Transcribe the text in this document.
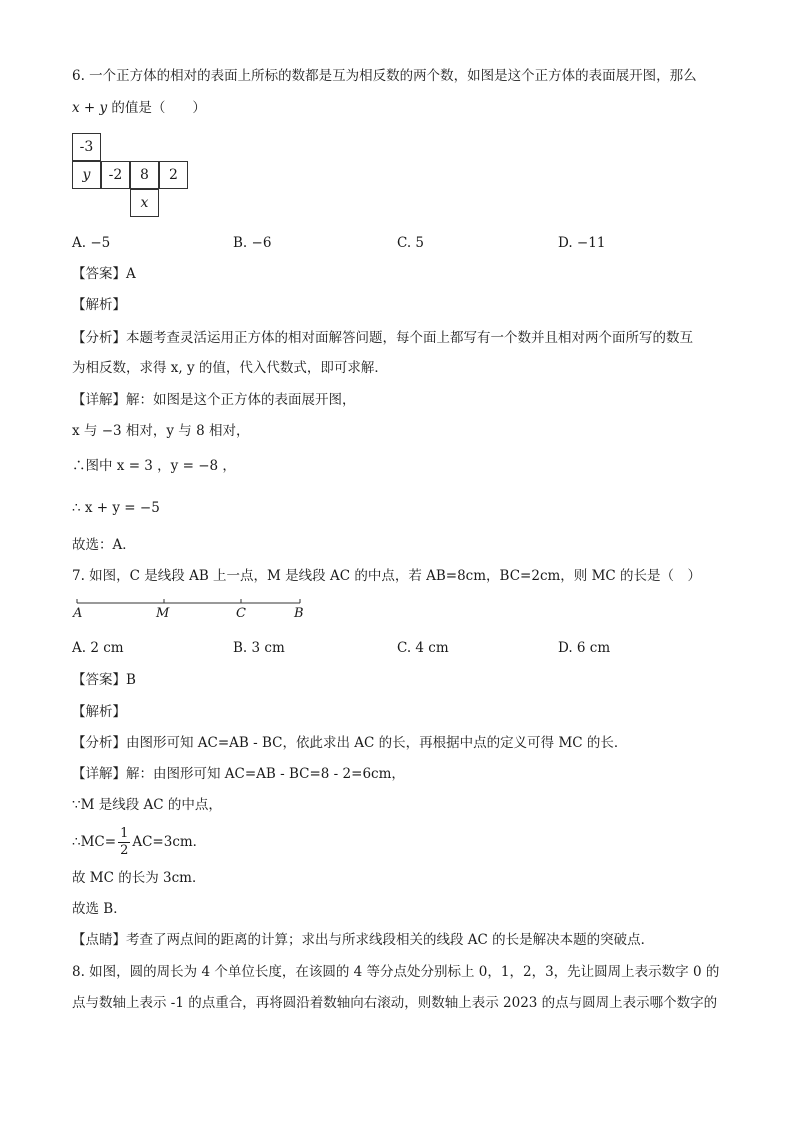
6. 一个正方体的相对的表面上所标的数都是互为相反数的两个数，如图是这个正方体的表面展开图，那么
x + y 的值是（　　）
-3
y	-2	8	2
x
A. −5	B. −6	C. 5	D. −11
【答案】A
【解析】
【分析】本题考查灵活运用正方体的相对面解答问题，每个面上都写有一个数并且相对两个面所写的数互
为相反数，求得 x, y 的值，代入代数式，即可求解．
【详解】解：如图是这个正方体的表面展开图，
x 与 −3 相对，y 与 8 相对，
∴图中 x = 3 ，y = −8 ，
∴ x + y = −5
故选：A．
7. 如图，C 是线段 AB 上一点，M 是线段 AC 的中点，若 AB=8cm，BC=2cm，则 MC 的长是（　）
A	M	C	B
A. 2 cm	B. 3 cm	C. 4 cm	D. 6 cm
【答案】B
【解析】
【分析】由图形可知 AC=AB - BC，依此求出 AC 的长，再根据中点的定义可得 MC 的长．
【详解】解：由图形可知 AC=AB - BC=8 - 2=6cm，
∵M 是线段 AC 的中点，
∴MC= $\frac{1}{2} AC=3cm$．
故 MC 的长为 3cm．
故选 B．
【点睛】考查了两点间的距离的计算；求出与所求线段相关的线段 AC 的长是解决本题的突破点．
8. 如图，圆的周长为 4 个单位长度，在该圆的 4 等分点处分别标上 0，1，2，3，先让圆周上表示数字 0 的
点与数轴上表示 -1 的点重合，再将圆沿着数轴向右滚动，则数轴上表示 2023 的点与圆周上表示哪个数字的
